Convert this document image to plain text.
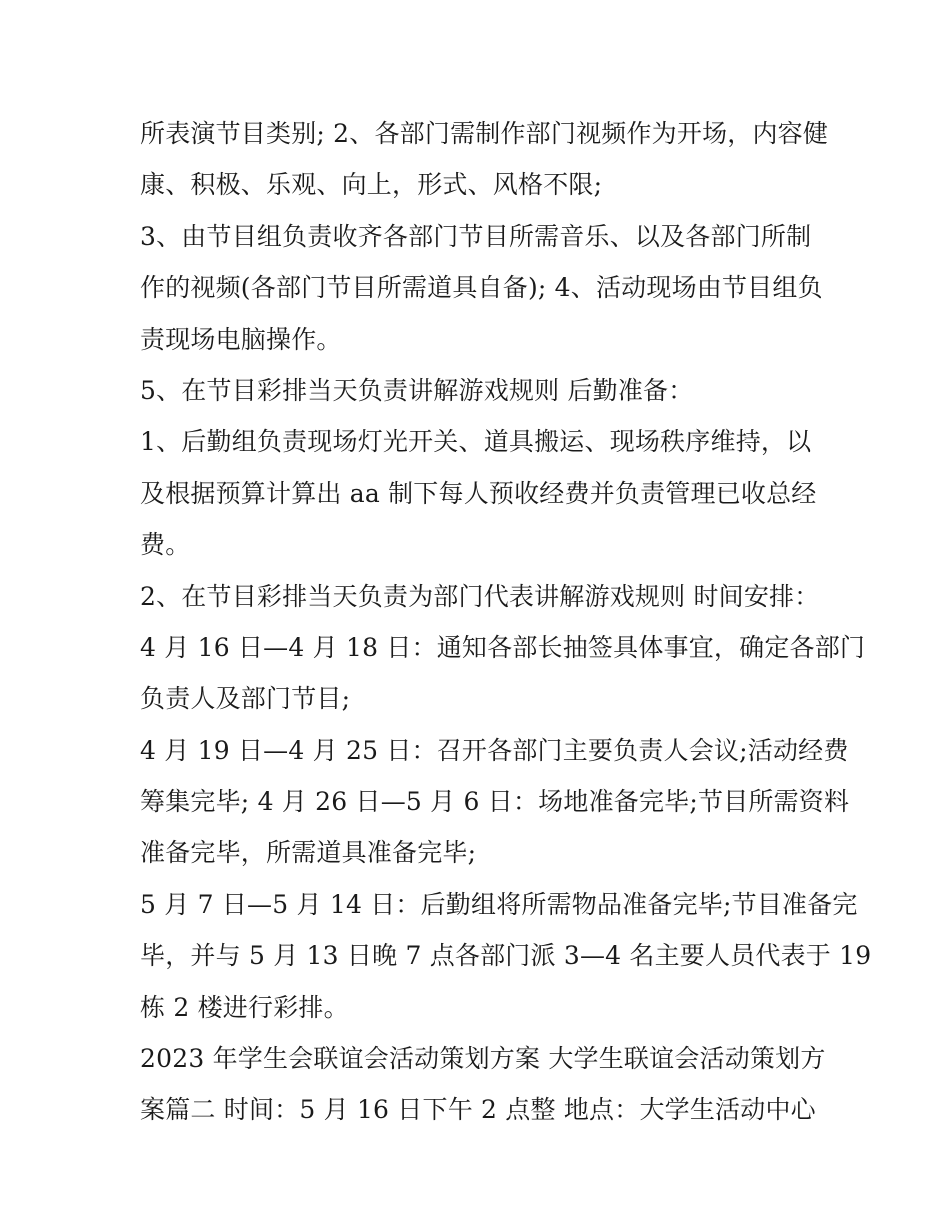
所表演节目类别; 2、各部门需制作部门视频作为开场，内容健
康、积极、乐观、向上，形式、风格不限;
3、由节目组负责收齐各部门节目所需音乐、以及各部门所制
作的视频(各部门节目所需道具自备); 4、活动现场由节目组负
责现场电脑操作。
5、在节目彩排当天负责讲解游戏规则 后勤准备：
1、后勤组负责现场灯光开关、道具搬运、现场秩序维持，以
及根据预算计算出 aa 制下每人预收经费并负责管理已收总经
费。
2、在节目彩排当天负责为部门代表讲解游戏规则 时间安排：
4 月 16 日—4 月 18 日：通知各部长抽签具体事宜，确定各部门
负责人及部门节目;
4 月 19 日—4 月 25 日：召开各部门主要负责人会议;活动经费
筹集完毕; 4 月 26 日—5 月 6 日：场地准备完毕;节目所需资料
准备完毕，所需道具准备完毕;
5 月 7 日—5 月 14 日：后勤组将所需物品准备完毕;节目准备完
毕，并与 5 月 13 日晚 7 点各部门派 3—4 名主要人员代表于 19
栋 2 楼进行彩排。
2023 年学生会联谊会活动策划方案 大学生联谊会活动策划方
案篇二 时间：5 月 16 日下午 2 点整 地点：大学生活动中心
